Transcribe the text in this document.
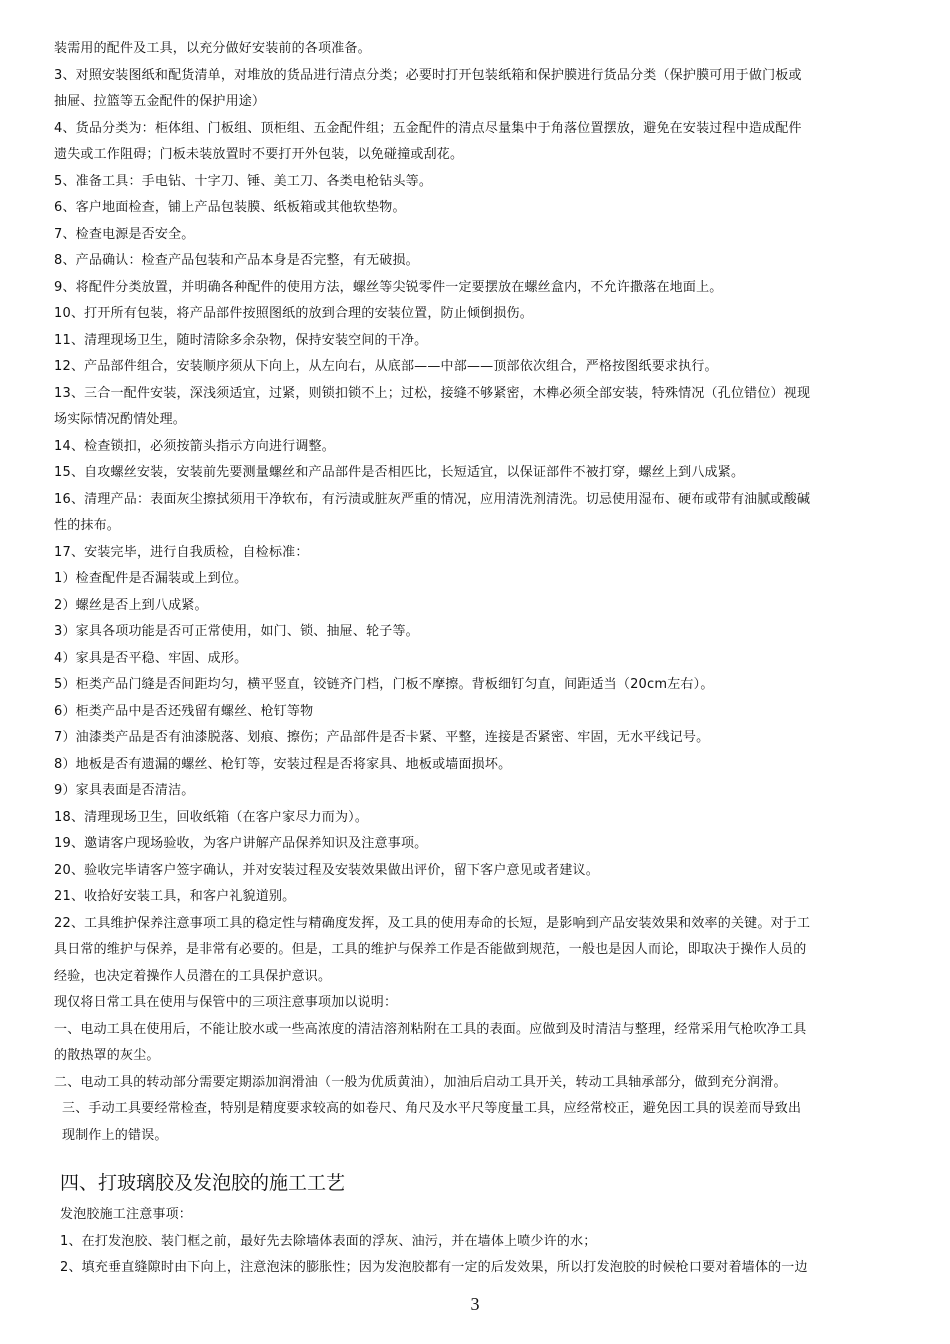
装需用的配件及工具，以充分做好安装前的各项准备。

3、对照安装图纸和配货清单，对堆放的货品进行清点分类；必要时打开包装纸箱和保护膜进行货品分类（保护膜可用于做门板或

抽屉、拉篮等五金配件的保护用途）

4、货品分类为：柜体组、门板组、顶柜组、五金配件组；五金配件的清点尽量集中于角落位置摆放，避免在安装过程中造成配件

遗失或工作阻碍；门板未装放置时不要打开外包装，以免碰撞或刮花。

5、准备工具：手电钻、十字刀、锤、美工刀、各类电枪钻头等。

6、客户地面检查，铺上产品包装膜、纸板箱或其他软垫物。

7、检查电源是否安全。

8、产品确认：检查产品包装和产品本身是否完整，有无破损。

9、将配件分类放置，并明确各种配件的使用方法，螺丝等尖锐零件一定要摆放在螺丝盒内，不允许撒落在地面上。

10、打开所有包装，将产品部件按照图纸的放到合理的安装位置，防止倾倒损伤。

11、清理现场卫生，随时清除多余杂物，保持安装空间的干净。

12、产品部件组合，安装顺序须从下向上，从左向右，从底部——中部——顶部依次组合，严格按图纸要求执行。

13、三合一配件安装，深浅须适宜，过紧，则锁扣锁不上；过松，接缝不够紧密，木榫必须全部安装，特殊情况（孔位错位）视现

场实际情况酌情处理。

14、检查锁扣，必须按箭头指示方向进行调整。

15、自攻螺丝安装，安装前先要测量螺丝和产品部件是否相匹比，长短适宜，以保证部件不被打穿，螺丝上到八成紧。

16、清理产品：表面灰尘擦拭须用干净软布，有污渍或脏灰严重的情况，应用清洗剂清洗。切忌使用湿布、硬布或带有油腻或酸碱

性的抹布。

17、安装完毕，进行自我质检，自检标准：

1）检查配件是否漏装或上到位。

2）螺丝是否上到八成紧。

3）家具各项功能是否可正常使用，如门、锁、抽屉、轮子等。

4）家具是否平稳、牢固、成形。

5）柜类产品门缝是否间距均匀，横平竖直，铰链齐门档，门板不摩擦。背板细钉匀直，间距适当（20cm左右）。

6）柜类产品中是否还残留有螺丝、枪钉等物

7）油漆类产品是否有油漆脱落、划痕、擦伤；产品部件是否卡紧、平整，连接是否紧密、牢固，无水平线记号。

8）地板是否有遗漏的螺丝、枪钉等，安装过程是否将家具、地板或墙面损坏。

9）家具表面是否清洁。

18、清理现场卫生，回收纸箱（在客户家尽力而为）。

19、邀请客户现场验收，为客户讲解产品保养知识及注意事项。

20、验收完毕请客户签字确认，并对安装过程及安装效果做出评价，留下客户意见或者建议。

21、收拾好安装工具，和客户礼貌道别。

22、工具维护保养注意事项工具的稳定性与精确度发挥，及工具的使用寿命的长短，是影响到产品安装效果和效率的关键。对于工

具日常的维护与保养，是非常有必要的。但是，工具的维护与保养工作是否能做到规范，一般也是因人而论，即取决于操作人员的

经验，也决定着操作人员潜在的工具保护意识。

现仅将日常工具在使用与保管中的三项注意事项加以说明：

一、电动工具在使用后，不能让胶水或一些高浓度的清洁溶剂粘附在工具的表面。应做到及时清洁与整理，经常采用气枪吹净工具

的散热罩的灰尘。

二、电动工具的转动部分需要定期添加润滑油（一般为优质黄油），加油后启动工具开关，转动工具轴承部分，做到充分润滑。

三、手动工具要经常检查，特别是精度要求较高的如卷尺、角尺及水平尺等度量工具，应经常校正，避免因工具的误差而导致出

现制作上的错误。

四、打玻璃胶及发泡胶的施工工艺

发泡胶施工注意事项：

1、在打发泡胶、装门框之前，最好先去除墙体表面的浮灰、油污，并在墙体上喷少许的水；

2、填充垂直缝隙时由下向上，注意泡沫的膨胀性；因为发泡胶都有一定的后发效果，所以打发泡胶的时候枪口要对着墙体的一边

3
